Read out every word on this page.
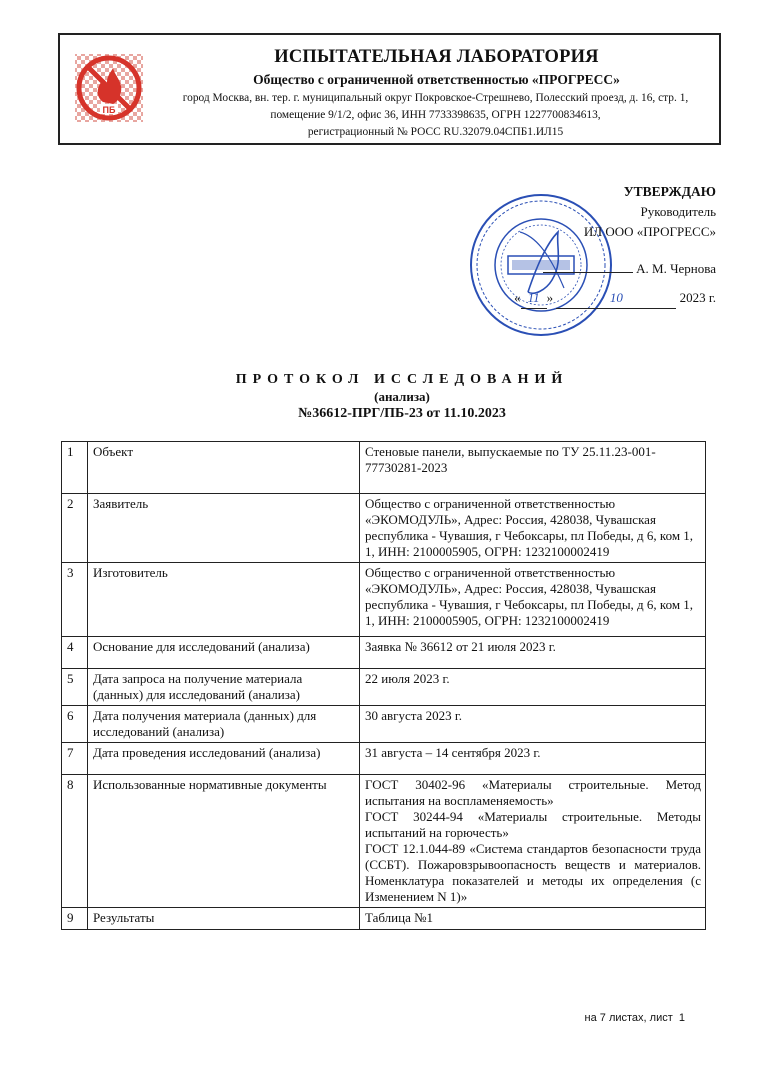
ПБ
ИСПЫТАТЕЛЬНАЯ ЛАБОРАТОРИЯ
Общество с ограниченной ответственностью «ПРОГРЕСС»
город Москва, вн. тер. г. муниципальный округ Покровское-Стрешнево, Полесский проезд, д. 16, стр. 1,
помещение 9/1/2, офис 36, ИНН 7733398635, ОГРН 1227700834613,
регистрационный № РОСС RU.32079.04СПБ1.ИЛ15
УТВЕРЖДАЮ
Руководитель
ИЛ ООО «ПРОГРЕСС»
А. М. Чернова
« 11 »	10	2023 г.
ПРОТОКОЛ ИССЛЕДОВАНИЙ
(анализа)
№36612-ПРГ/ПБ-23 от 11.10.2023
1	Объект	Стеновые панели, выпускаемые по ТУ 25.11.23-001-77730281-2023
2	Заявитель	Общество с ограниченной ответственностью «ЭКОМОДУЛЬ», Адрес: Россия, 428038, Чувашская республика - Чувашия, г Чебоксары, пл Победы, д 6, ком 1, 1, ИНН: 2100005905, ОГРН: 1232100002419
3	Изготовитель	Общество с ограниченной ответственностью «ЭКОМОДУЛЬ», Адрес: Россия, 428038, Чувашская республика - Чувашия, г Чебоксары, пл Победы, д 6, ком 1, 1, ИНН: 2100005905, ОГРН: 1232100002419
4	Основание для исследований (анализа)	Заявка № 36612 от 21 июля 2023 г.
5	Дата запроса на получение материала (данных) для исследований (анализа)	22 июля 2023 г.
6	Дата получения материала (данных) для исследований (анализа)	30 августа 2023 г.
7	Дата проведения исследований (анализа)	31 августа – 14 сентября 2023 г.
8	Использованные нормативные документы	ГОСТ 30402-96 «Материалы строительные. Метод испытания на воспламеняемость»
ГОСТ 30244-94 «Материалы строительные. Методы испытаний на горючесть»
ГОСТ 12.1.044-89 «Система стандартов безопасности труда (ССБТ). Пожаровзрывоопасность веществ и материалов. Номенклатура показателей и методы их определения (с Изменением N 1)»

9	Результаты	Таблица №1
на 7 листах, лист 1
